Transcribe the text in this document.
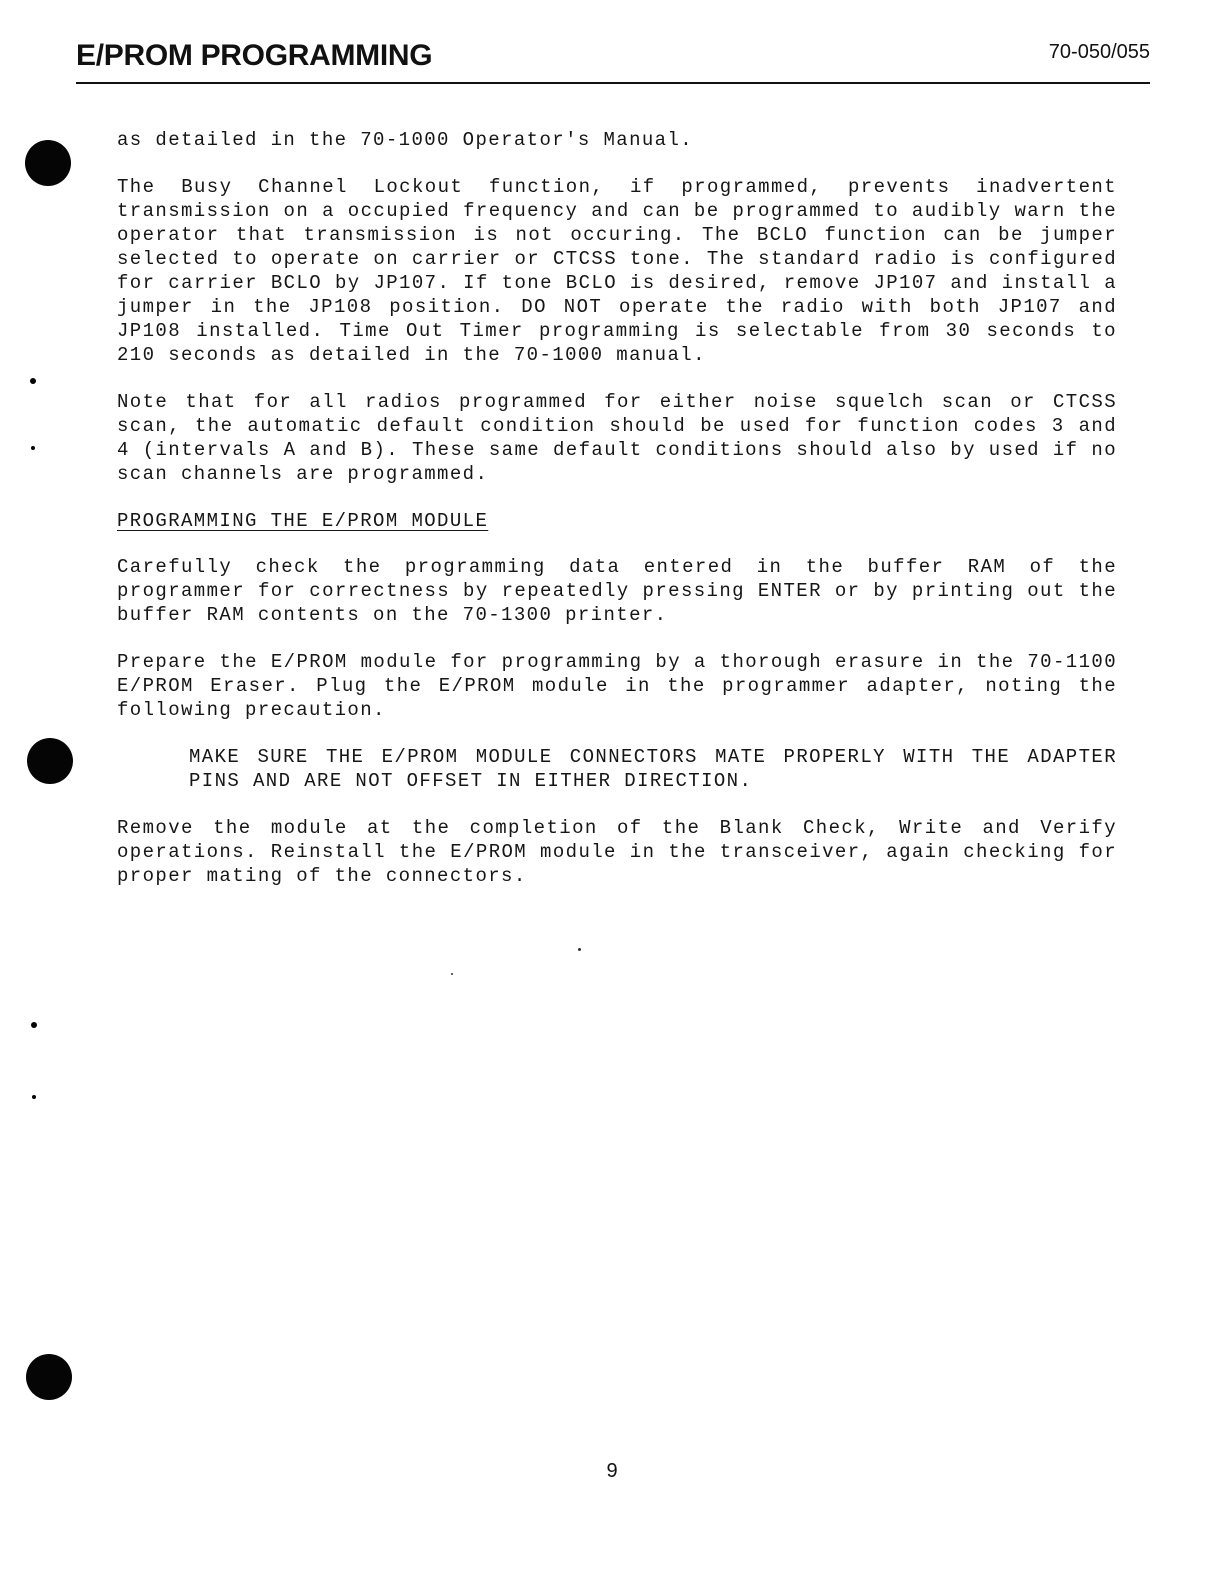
E/PROM PROGRAMMING	70-050/055

as detailed in the 70-1000 Operator's Manual.

The Busy Channel Lockout function, if programmed, prevents inadvertent transmission on a occupied frequency and can be programmed to audibly warn the operator that transmission is not occuring. The BCLO function can be jumper selected to operate on carrier or CTCSS tone. The standard radio is configured for carrier BCLO by JP107. If tone BCLO is desired, remove JP107 and install a jumper in the JP108 position. DO NOT operate the radio with both JP107 and JP108 installed. Time Out Timer programming is selectable from 30 seconds to 210 seconds as detailed in the 70-1000 manual.

Note that for all radios programmed for either noise squelch scan or CTCSS scan, the automatic default condition should be used for function codes 3 and 4 (intervals A and B). These same default conditions should also by used if no scan channels are programmed.

PROGRAMMING THE E/PROM MODULE

Carefully check the programming data entered in the buffer RAM of the programmer for correctness by repeatedly pressing ENTER or by printing out the buffer RAM contents on the 70-1300 printer.

Prepare the E/PROM module for programming by a thorough erasure in the 70-1100 E/PROM Eraser. Plug the E/PROM module in the programmer adapter, noting the following precaution.

MAKE SURE THE E/PROM MODULE CONNECTORS MATE PROPERLY WITH THE ADAPTER PINS AND ARE NOT OFFSET IN EITHER DIRECTION.

Remove the module at the completion of the Blank Check, Write and Verify operations. Reinstall the E/PROM module in the transceiver, again checking for proper mating of the connectors.

9
